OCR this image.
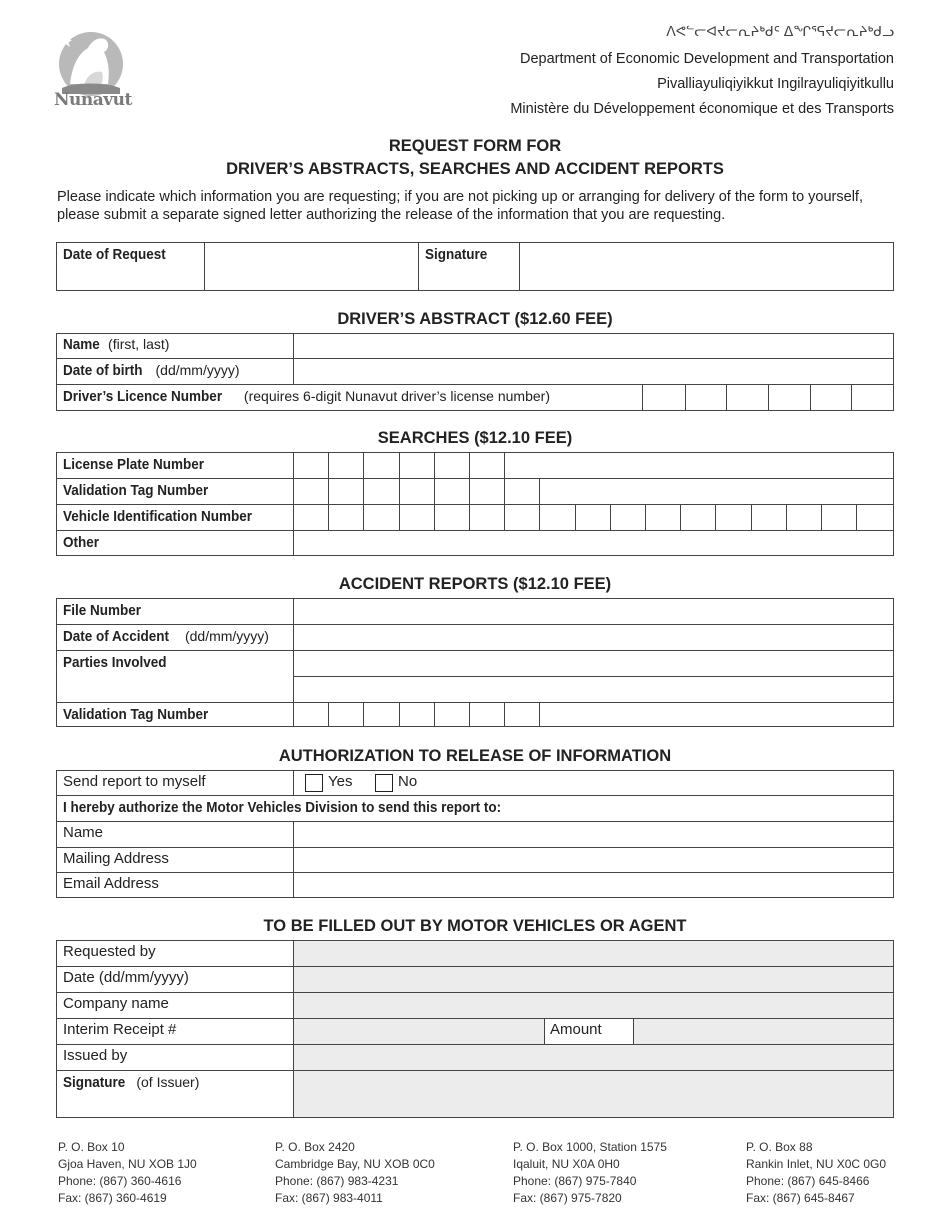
Nunavut
ᐱᕙᓪᓕᐊᔪᓕᕆᔨᒃᑯᑦ ᐃᖏᕐᕋᔪᓕᕆᔨᒃᑯᓗ
Department of Economic Development and Transportation
Pivalliayuliqiyikkut Ingilrayuliqiyitkullu
Ministère du Développement économique et des Transports
REQUEST FORM FOR
DRIVER’S ABSTRACTS, SEARCHES AND ACCIDENT REPORTS
Please indicate which information you are requesting; if you are not picking up or arranging for delivery of the form to yourself, please submit a separate signed letter authorizing the release of the information that you are requesting.
Date of Request	Signature
DRIVER’S ABSTRACT ($12.60 FEE)
Name (first, last)
Date of birth (dd/mm/yyyy)
Driver’s Licence Number (requires 6-digit Nunavut driver’s license number)
SEARCHES ($12.10 FEE)
License Plate Number
Validation Tag Number
Vehicle Identification Number
Other
ACCIDENT REPORTS ($12.10 FEE)
File Number
Date of Accident (dd/mm/yyyy)
Parties Involved
Validation Tag Number
AUTHORIZATION TO RELEASE OF INFORMATION
Send report to myself	Yes	No
I hereby authorize the Motor Vehicles Division to send this report to:
Name
Mailing Address
Email Address
TO BE FILLED OUT BY MOTOR VEHICLES OR AGENT
Requested by
Date (dd/mm/yyyy)
Company name
Interim Receipt #	Amount
Issued by
Signature (of Issuer)
P. O. Box 10
Gjoa Haven, NU XOB 1J0
Phone: (867) 360-4616
Fax: (867) 360-4619
P. O. Box 2420
Cambridge Bay, NU XOB 0C0
Phone: (867) 983-4231
Fax: (867) 983-4011
P. O. Box 1000, Station 1575
Iqaluit, NU X0A 0H0
Phone: (867) 975-7840
Fax: (867) 975-7820
P. O. Box 88
Rankin Inlet, NU X0C 0G0
Phone: (867) 645-8466
Fax: (867) 645-8467
